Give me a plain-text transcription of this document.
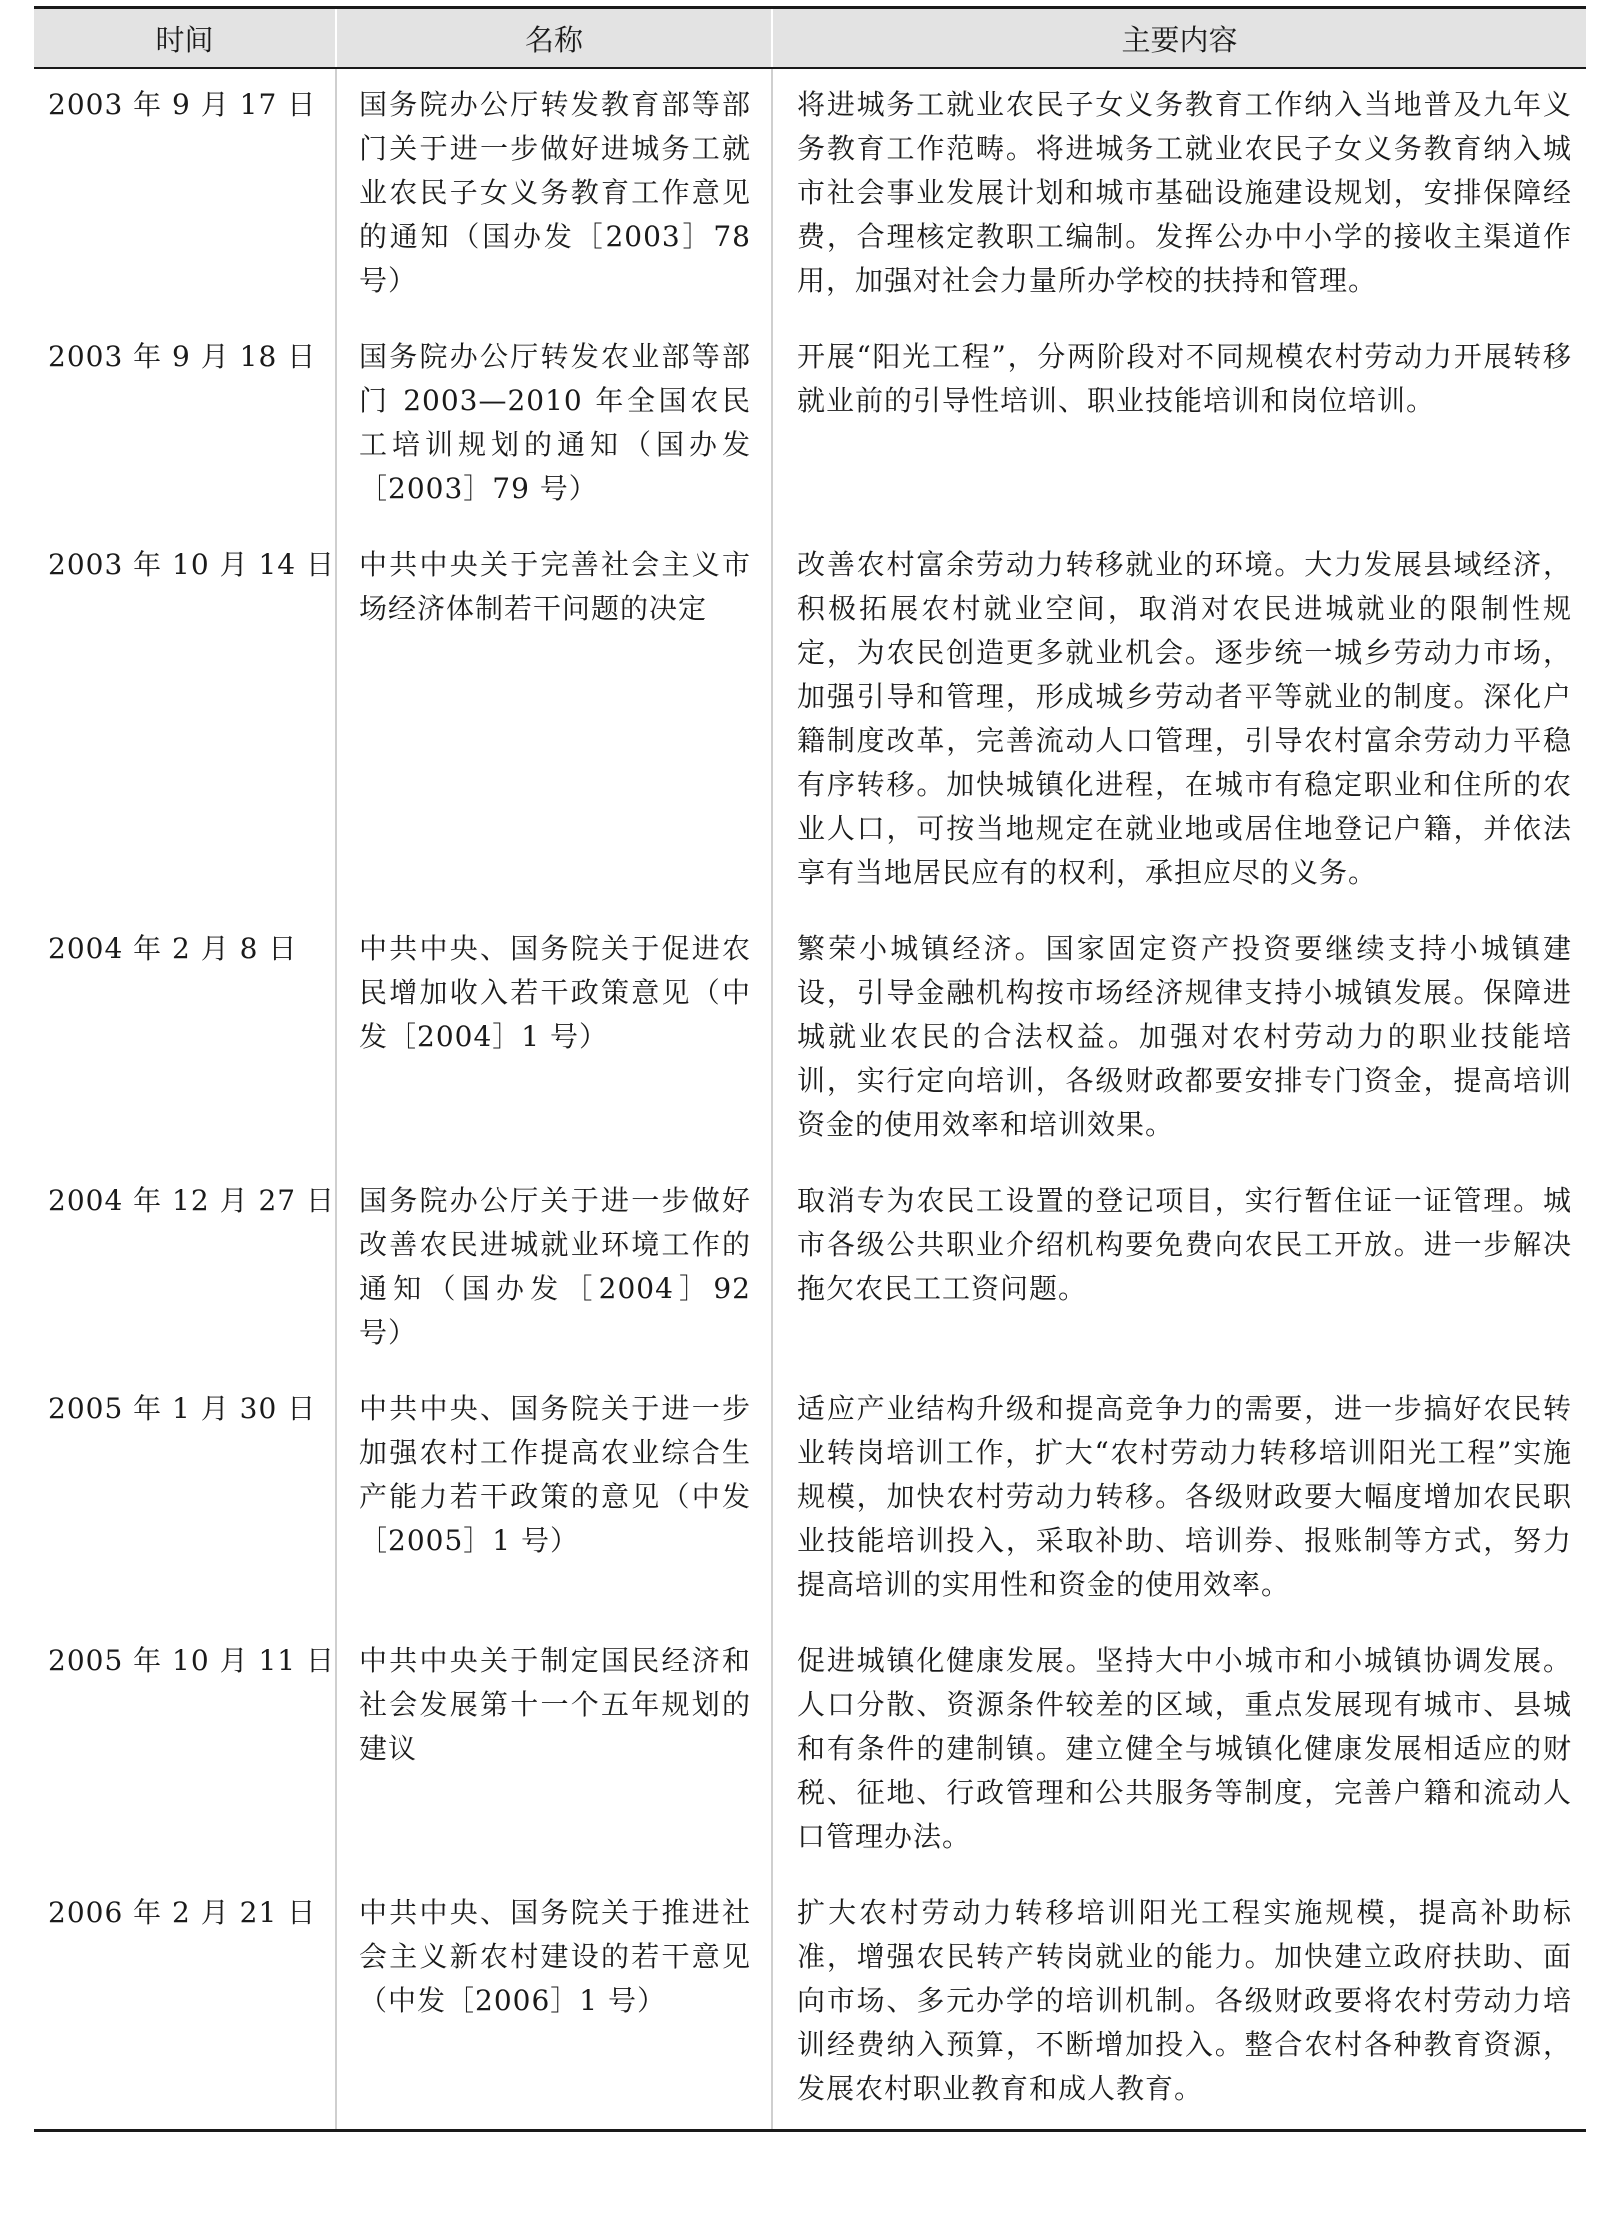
时间	名称	主要内容
2003 年 9 月 17 日	国务院办公厅转发教育部等部门关于进一步做好进城务工就业农民子女义务教育工作意见的通知（国办发［2003］78 号）	将进城务工就业农民子女义务教育工作纳入当地普及九年义务教育工作范畴。将进城务工就业农民子女义务教育纳入城市社会事业发展计划和城市基础设施建设规划，安排保障经费，合理核定教职工编制。发挥公办中小学的接收主渠道作用，加强对社会力量所办学校的扶持和管理。
2003 年 9 月 18 日	国务院办公厅转发农业部等部门 2003—2010 年全国农民工培训规划的通知（国办发［2003］79 号）	开展“阳光工程”，分两阶段对不同规模农村劳动力开展转移就业前的引导性培训、职业技能培训和岗位培训。
2003 年 10 月 14 日	中共中央关于完善社会主义市场经济体制若干问题的决定	改善农村富余劳动力转移就业的环境。大力发展县域经济，积极拓展农村就业空间，取消对农民进城就业的限制性规定，为农民创造更多就业机会。逐步统一城乡劳动力市场，加强引导和管理，形成城乡劳动者平等就业的制度。深化户籍制度改革，完善流动人口管理，引导农村富余劳动力平稳有序转移。加快城镇化进程，在城市有稳定职业和住所的农业人口，可按当地规定在就业地或居住地登记户籍，并依法享有当地居民应有的权利，承担应尽的义务。
2004 年 2 月 8 日	中共中央、国务院关于促进农民增加收入若干政策意见（中发［2004］1 号）	繁荣小城镇经济。国家固定资产投资要继续支持小城镇建设，引导金融机构按市场经济规律支持小城镇发展。保障进城就业农民的合法权益。加强对农村劳动力的职业技能培训，实行定向培训，各级财政都要安排专门资金，提高培训资金的使用效率和培训效果。
2004 年 12 月 27 日	国务院办公厅关于进一步做好改善农民进城就业环境工作的通知（国办发［2004］92 号）	取消专为农民工设置的登记项目，实行暂住证一证管理。城市各级公共职业介绍机构要免费向农民工开放。进一步解决拖欠农民工工资问题。
2005 年 1 月 30 日	中共中央、国务院关于进一步加强农村工作提高农业综合生产能力若干政策的意见（中发［2005］1 号）	适应产业结构升级和提高竞争力的需要，进一步搞好农民转业转岗培训工作，扩大“农村劳动力转移培训阳光工程”实施规模，加快农村劳动力转移。各级财政要大幅度增加农民职业技能培训投入，采取补助、培训券、报账制等方式，努力提高培训的实用性和资金的使用效率。
2005 年 10 月 11 日	中共中央关于制定国民经济和社会发展第十一个五年规划的建议	促进城镇化健康发展。坚持大中小城市和小城镇协调发展。人口分散、资源条件较差的区域，重点发展现有城市、县城和有条件的建制镇。建立健全与城镇化健康发展相适应的财税、征地、行政管理和公共服务等制度，完善户籍和流动人口管理办法。
2006 年 2 月 21 日	中共中央、国务院关于推进社会主义新农村建设的若干意见（中发［2006］1 号）	扩大农村劳动力转移培训阳光工程实施规模，提高补助标准，增强农民转产转岗就业的能力。加快建立政府扶助、面向市场、多元办学的培训机制。各级财政要将农村劳动力培训经费纳入预算，不断增加投入。整合农村各种教育资源，发展农村职业教育和成人教育。
